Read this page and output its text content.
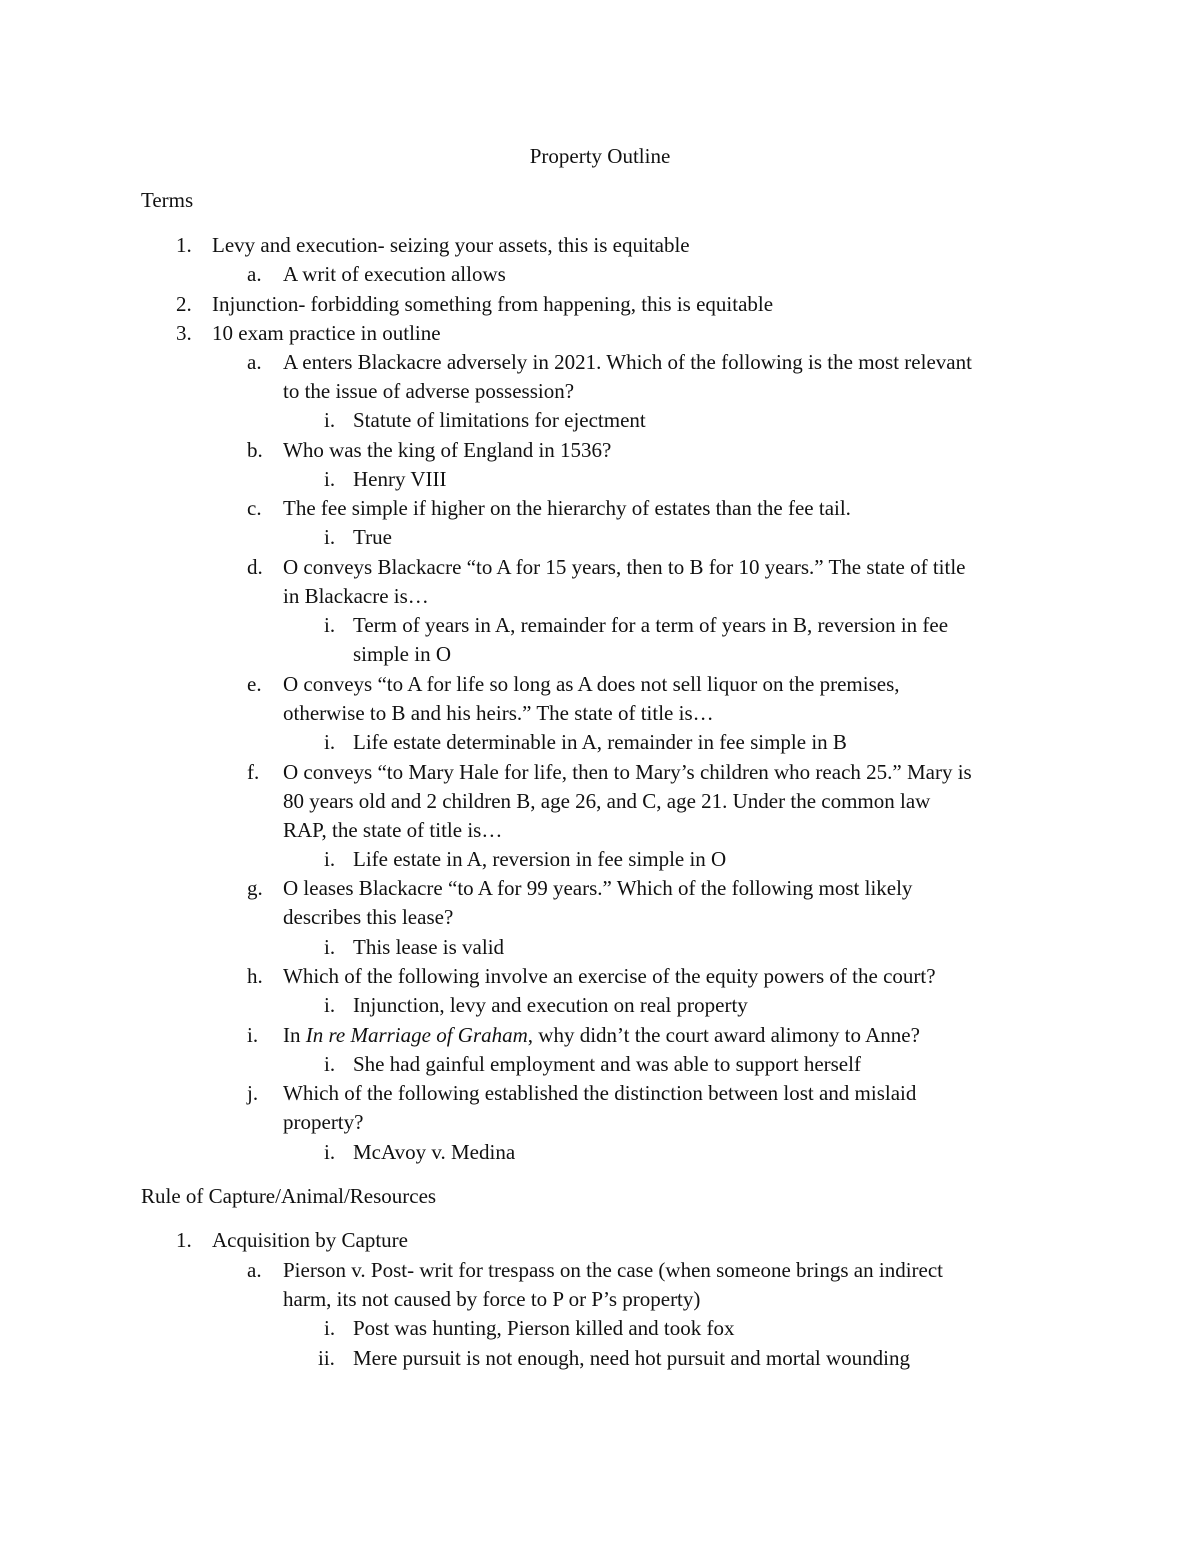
Property Outline
Terms
1. Levy and execution- seizing your assets, this is equitable
a. A writ of execution allows
2. Injunction- forbidding something from happening, this is equitable
3. 10 exam practice in outline
a. A enters Blackacre adversely in 2021. Which of the following is the most relevant
to the issue of adverse possession?
i. Statute of limitations for ejectment
b. Who was the king of England in 1536?
i. Henry VIII
c. The fee simple if higher on the hierarchy of estates than the fee tail.
i. True
d. O conveys Blackacre “to A for 15 years, then to B for 10 years.” The state of title
in Blackacre is…
i. Term of years in A, remainder for a term of years in B, reversion in fee
simple in O
e. O conveys “to A for life so long as A does not sell liquor on the premises,
otherwise to B and his heirs.” The state of title is…
i. Life estate determinable in A, remainder in fee simple in B
f. O conveys “to Mary Hale for life, then to Mary’s children who reach 25.” Mary is
80 years old and 2 children B, age 26, and C, age 21. Under the common law
RAP, the state of title is…
i. Life estate in A, reversion in fee simple in O
g. O leases Blackacre “to A for 99 years.” Which of the following most likely
describes this lease?
i. This lease is valid
h. Which of the following involve an exercise of the equity powers of the court?
i. Injunction, levy and execution on real property
i. In In re Marriage of Graham, why didn’t the court award alimony to Anne?
i. She had gainful employment and was able to support herself
j. Which of the following established the distinction between lost and mislaid
property?
i. McAvoy v. Medina
Rule of Capture/Animal/Resources
1. Acquisition by Capture
a. Pierson v. Post- writ for trespass on the case (when someone brings an indirect
harm, its not caused by force to P or P’s property)
i. Post was hunting, Pierson killed and took fox
ii. Mere pursuit is not enough, need hot pursuit and mortal wounding
